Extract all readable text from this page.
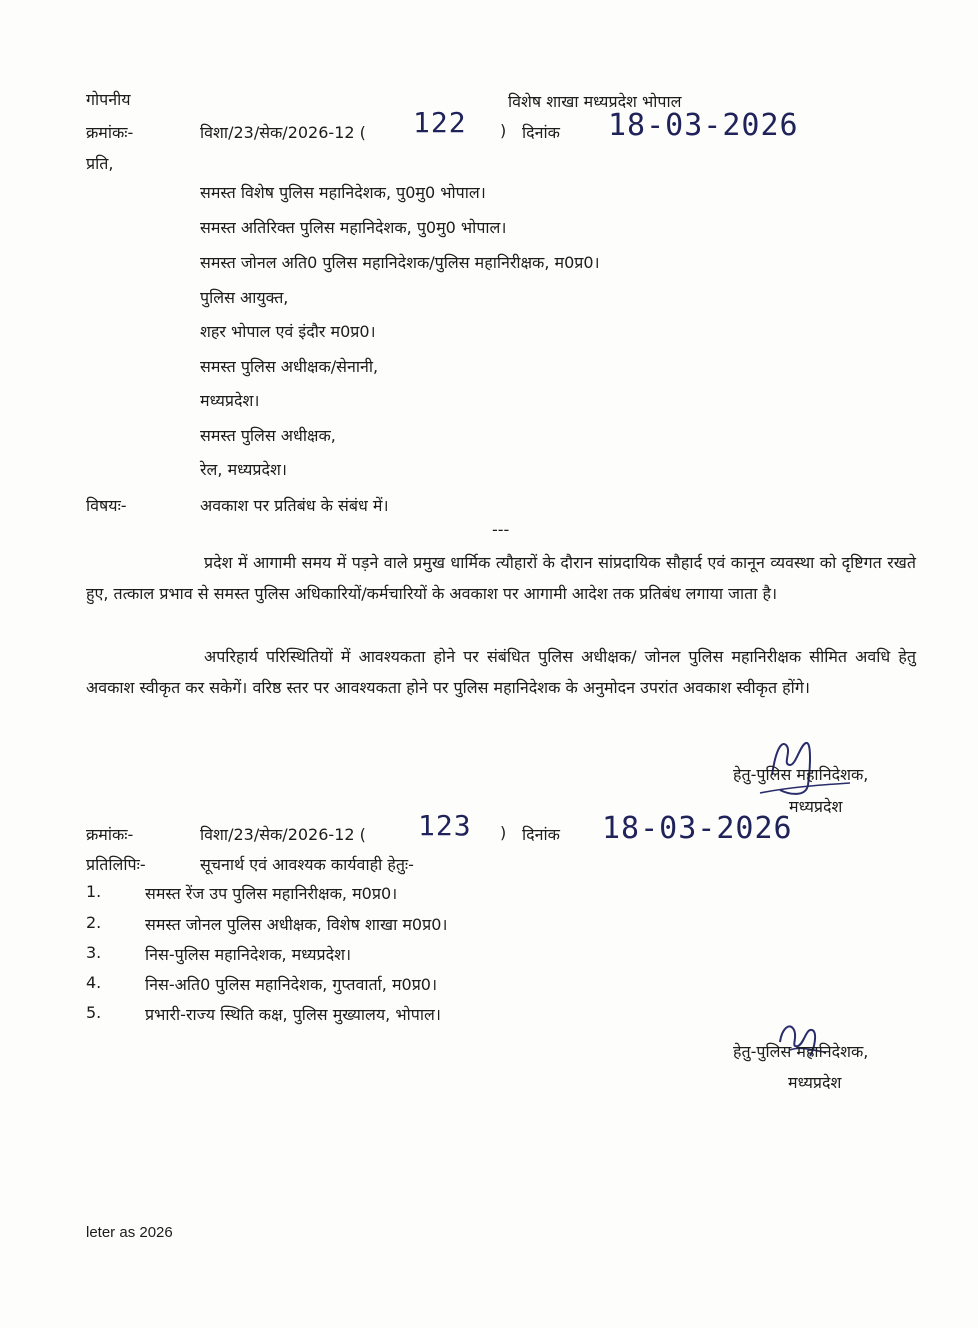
गोपनीय	विशेष शाखा मध्यप्रदेश भोपाल
क्रमांकः-	विशा/23/सेक/2026-12 ( 122 ) दिनांक 18-03-2026
प्रति,
समस्त विशेष पुलिस महानिदेशक, पु0मु0 भोपाल।
समस्त अतिरिक्त पुलिस महानिदेशक, पु0मु0 भोपाल।
समस्त जोनल अति0 पुलिस महानिदेशक/पुलिस महानिरीक्षक, म0प्र0।
पुलिस आयुक्त,
शहर भोपाल एवं इंदौर म0प्र0।
समस्त पुलिस अधीक्षक/सेनानी,
मध्यप्रदेश।
समस्त पुलिस अधीक्षक,
रेल, मध्यप्रदेश।
विषयः-	अवकाश पर प्रतिबंध के संबंध में।
---
प्रदेश में आगामी समय में पड़ने वाले प्रमुख धार्मिक त्यौहारों के दौरान सांप्रदायिक सौहार्द एवं कानून व्यवस्था को दृष्टिगत रखते हुए, तत्काल प्रभाव से समस्त पुलिस अधिकारियों/कर्मचारियों के अवकाश पर आगामी आदेश तक प्रतिबंध लगाया जाता है।
अपरिहार्य परिस्थितियों में आवश्यकता होने पर संबंधित पुलिस अधीक्षक/ जोनल पुलिस महानिरीक्षक सीमित अवधि हेतु अवकाश स्वीकृत कर सकेगें। वरिष्ठ स्तर पर आवश्यकता होने पर पुलिस महानिदेशक के अनुमोदन उपरांत अवकाश स्वीकृत होंगे।
हेतु-पुलिस महानिदेशक,
मध्यप्रदेश
क्रमांकः-	विशा/23/सेक/2026-12 ( 123 ) दिनांक 18-03-2026
प्रतिलिपिः-	सूचनार्थ एवं आवश्यक कार्यवाही हेतुः-
1.	समस्त रेंज उप पुलिस महानिरीक्षक, म0प्र0।
2.	समस्त जोनल पुलिस अधीक्षक, विशेष शाखा म0प्र0।
3.	निस-पुलिस महानिदेशक, मध्यप्रदेश।
4.	निस-अति0 पुलिस महानिदेशक, गुप्तवार्ता, म0प्र0।
5.	प्रभारी-राज्य स्थिति कक्ष, पुलिस मुख्यालय, भोपाल।
हेतु-पुलिस महानिदेशक,
मध्यप्रदेश
leter as 2026
